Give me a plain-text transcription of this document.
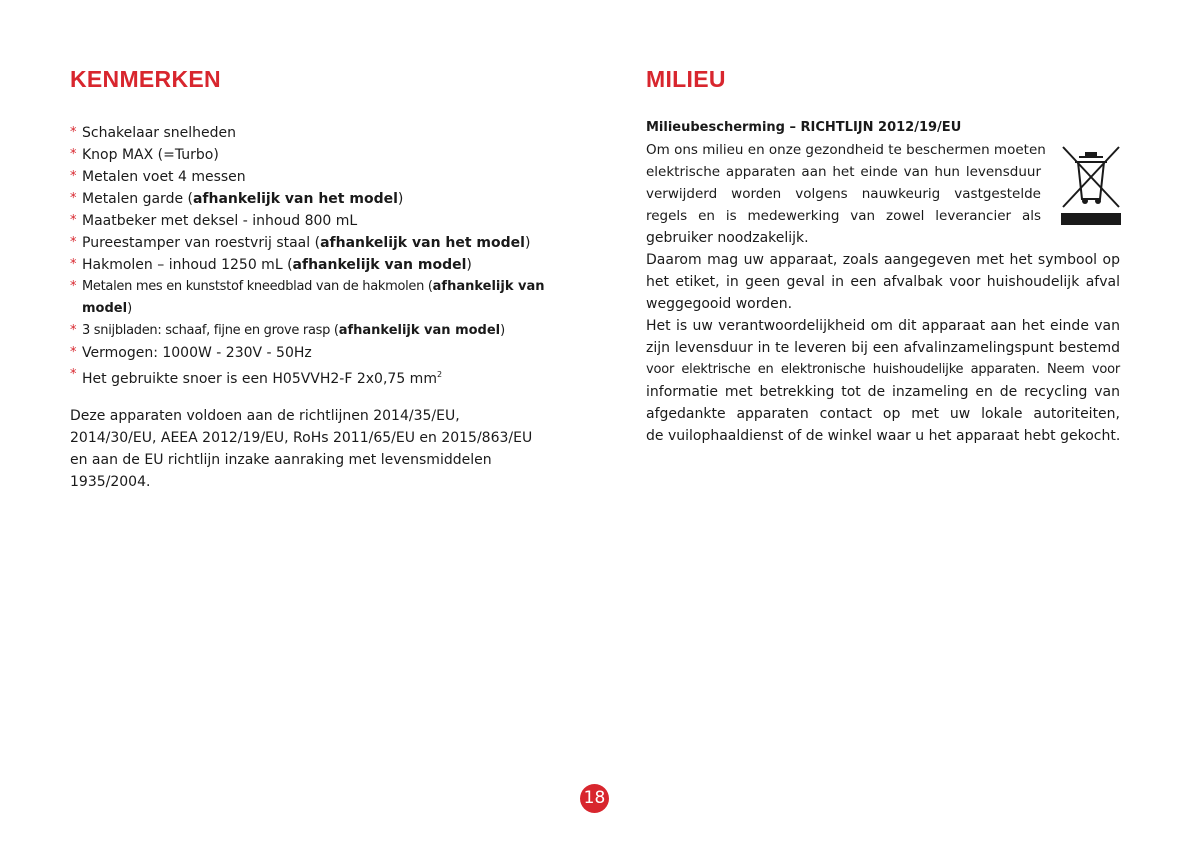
KENMERKEN
* Schakelaar snelheden
* Knop MAX (=Turbo)
* Metalen voet 4 messen
* Metalen garde (afhankelijk van het model)
* Maatbeker met deksel - inhoud 800 mL
* Pureestamper van roestvrij staal (afhankelijk van het model)
* Hakmolen – inhoud 1250 mL (afhankelijk van model)
* Metalen mes en kunststof kneedblad van de hakmolen (afhankelijk van model)
* 3 snijbladen: schaaf, fijne en grove rasp (afhankelijk van model)
* Vermogen: 1000W - 230V - 50Hz
* Het gebruikte snoer is een H05VVH2-F 2x0,75 $mm^2$

Deze apparaten voldoen aan de richtlijnen 2014/35/EU, 2014/30/EU, AEEA 2012/19/EU, RoHs 2011/65/EU en 2015/863/EU en aan de EU richtlijn inzake aanraking met levensmiddelen 1935/2004.

MILIEU

Milieubescherming – RICHTLIJN 2012/19/EU

Om ons milieu en onze gezondheid te beschermen moeten
elektrische apparaten aan het einde van hun levensduur
verwijderd worden volgens nauwkeurig vastgestelde
regels en is medewerking van zowel leverancier als
gebruiker noodzakelijk.
Daarom mag uw apparaat, zoals aangegeven met het symbool op
het etiket, in geen geval in een afvalbak voor huishoudelijk afval
weggegooid worden.
Het is uw verantwoordelijkheid om dit apparaat aan het einde van
zijn levensduur in te leveren bij een afvalinzamelingspunt bestemd
voor elektrische en elektronische huishoudelijke apparaten. Neem voor
informatie met betrekking tot de inzameling en de recycling van
afgedankte apparaten contact op met uw lokale autoriteiten,
de vuilophaaldienst of de winkel waar u het apparaat hebt gekocht.
18
